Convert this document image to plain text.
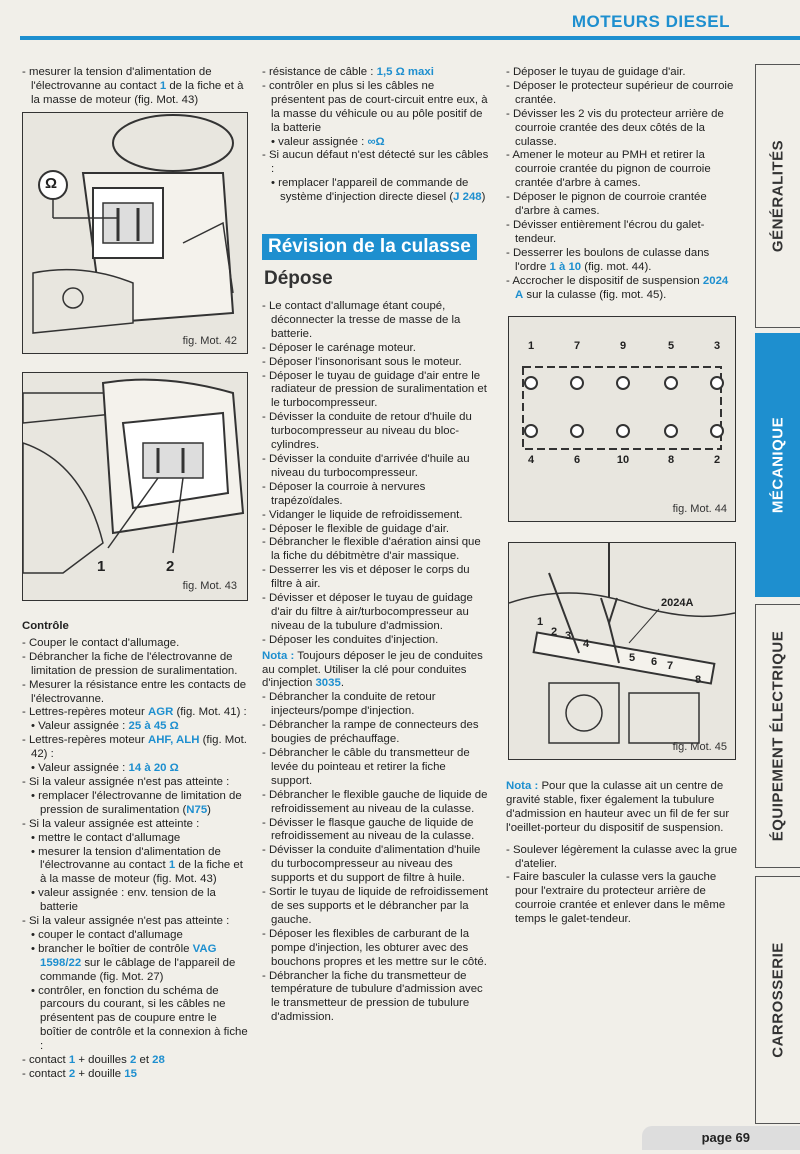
MOTEURS DIESEL
GÉNÉRALITÉS
MÉCANIQUE
ÉQUIPEMENT ÉLECTRIQUE
CARROSSERIE

- mesurer la tension d'alimentation de l'électrovanne au contact 1 de la fiche et à la masse de moteur (fig. Mot. 43)

Ω
fig. Mot. 42
1	2
fig. Mot. 43

Contrôle

- Couper le contact d'allumage.

- Débrancher la fiche de l'électrovanne de limitation de pression de suralimentation.

- Mesurer la résistance entre les contacts de l'électrovanne.

- Lettres-repères moteur AGR (fig. Mot. 41) :

• Valeur assignée : 25 à 45 Ω

- Lettres-repères moteur AHF, ALH (fig. Mot. 42) :

• Valeur assignée : 14 à 20 Ω

- Si la valeur assignée n'est pas atteinte :

• remplacer l'électrovanne de limitation de pression de suralimentation (N75)

- Si la valeur assignée est atteinte :

• mettre le contact d'allumage

• mesurer la tension d'alimentation de l'électrovanne au contact 1 de la fiche et à la masse de moteur (fig. Mot. 43)

• valeur assignée : env. tension de la batterie

- Si la valeur assignée n'est pas atteinte :

• couper le contact d'allumage

• brancher le boîtier de contrôle VAG 1598/22 sur le câblage de l'appareil de commande (fig. Mot. 27)

• contrôler, en fonction du schéma de parcours du courant, si les câbles ne présentent pas de coupure entre le boîtier de contrôle et la connexion à fiche :

- contact 1 + douilles 2 et 28

- contact 2 + douille 15

- résistance de câble : 1,5 Ω maxi

- contrôler en plus si les câbles ne présentent pas de court-circuit entre eux, à la masse du véhicule ou au pôle positif de la batterie

• valeur assignée : ∞Ω

- Si aucun défaut n'est détecté sur les câbles :

• remplacer l'appareil de commande de système d'injection directe diesel (J 248)

Révision de la culasse
Dépose

- Le contact d'allumage étant coupé, déconnecter la tresse de masse de la batterie.

- Déposer le carénage moteur.

- Déposer l'insonorisant sous le moteur.

- Déposer le tuyau de guidage d'air entre le radiateur de pression de suralimentation et le turbocompresseur.

- Dévisser la conduite de retour d'huile du turbocompresseur au niveau du bloc-cylindres.

- Dévisser la conduite d'arrivée d'huile au niveau du turbocompresseur.

- Déposer la courroie à nervures trapézoïdales.

- Vidanger le liquide de refroidissement.

- Déposer le flexible de guidage d'air.

- Débrancher le flexible d'aération ainsi que la fiche du débitmètre d'air massique.

- Desserrer les vis et déposer le corps du filtre à air.

- Dévisser et déposer le tuyau de guidage d'air du filtre à air/turbocompresseur au niveau de la tubulure d'admission.

- Déposer les conduites d'injection.

Nota : Toujours déposer le jeu de conduites au complet. Utiliser la clé pour conduites d'injection 3035.

- Débrancher la conduite de retour injecteurs/pompe d'injection.

- Débrancher la rampe de connecteurs des bougies de préchauffage.

- Débrancher le câble du transmetteur de levée du pointeau et retirer la fiche support.

- Débrancher le flexible gauche de liquide de refroidissement au niveau de la culasse.

- Dévisser le flasque gauche de liquide de refroidissement au niveau de la culasse.

- Dévisser la conduite d'alimentation d'huile du turbocompresseur au niveau des supports et du support de filtre à huile.

- Sortir le tuyau de liquide de refroidissement de ses supports et le débrancher par la gauche.

- Déposer les flexibles de carburant de la pompe d'injection, les obturer avec des bouchons propres et les mettre sur le côté.

- Débrancher la fiche du transmetteur de température de tubulure d'admission avec le transmetteur de pression de tubulure d'admission.

- Déposer le tuyau de guidage d'air.

- Déposer le protecteur supérieur de courroie crantée.

- Dévisser les 2 vis du protecteur arrière de courroie crantée des deux côtés de la culasse.

- Amener le moteur au PMH et retirer la courroie crantée du pignon de courroie crantée d'arbre à cames.

- Déposer le pignon de courroie crantée d'arbre à cames.

- Dévisser entièrement l'écrou du galet-tendeur.

- Desserrer les boulons de culasse dans l'ordre 1 à 10 (fig. mot. 44).

- Accrocher le dispositif de suspension 2024 A sur la culasse (fig. mot. 45).

1	7	9	5	3
4	6	10	8	2
fig. Mot. 44
1
2 3
4
5 6 7
8
2024A
fig. Mot. 45

Nota : Pour que la culasse ait un centre de gravité stable, fixer également la tubulure d'admission en hauteur avec un fil de fer sur l'oeillet-porteur du dispositif de suspension.

- Soulever légèrement la culasse avec la grue d'atelier.

- Faire basculer la culasse vers la gauche pour l'extraire du protecteur arrière de courroie crantée et enlever dans le même temps le galet-tendeur.

page 69
